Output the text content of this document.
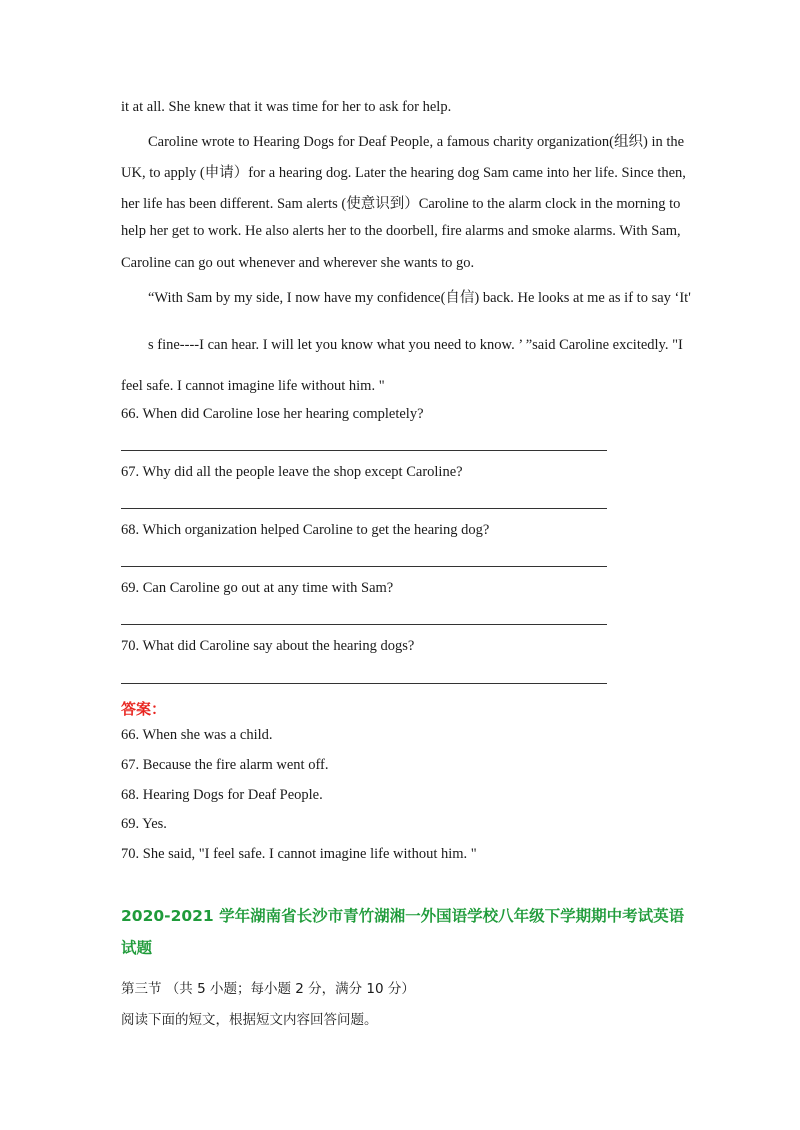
it at all. She knew that it was time for her to ask for help.
Caroline wrote to Hearing Dogs for Deaf People, a famous charity organization(组织) in the
UK, to apply (申请）for a hearing dog. Later the hearing dog Sam came into her life. Since then,
her life has been different. Sam alerts (使意识到）Caroline to the alarm clock in the morning to
help her get to work. He also alerts her to the doorbell, fire alarms and smoke alarms. With Sam,
Caroline can go out whenever and wherever she wants to go.
“With Sam by my side, I now have my confidence(自信) back. He looks at me as if to say ‘It'
s fine----I can hear. I will let you know what you need to know. ’ ”said Caroline excitedly. "I
feel safe. I cannot imagine life without him. "
66. When did Caroline lose her hearing completely?
67. Why did all the people leave the shop except Caroline?
68. Which organization helped Caroline to get the hearing dog?
69. Can Caroline go out at any time with Sam?
70. What did Caroline say about the hearing dogs?
答案：
66. When she was a child.
67. Because the fire alarm went off.
68. Hearing Dogs for Deaf People.
69. Yes.
70. She said, "I feel safe. I cannot imagine life without him. "
2020-2021 学年湖南省长沙市青竹湖湘一外国语学校八年级下学期期中考试英语
试题
第三节 （共 5 小题；每小题 2 分，满分 10 分）
阅读下面的短文，根据短文内容回答问题。
